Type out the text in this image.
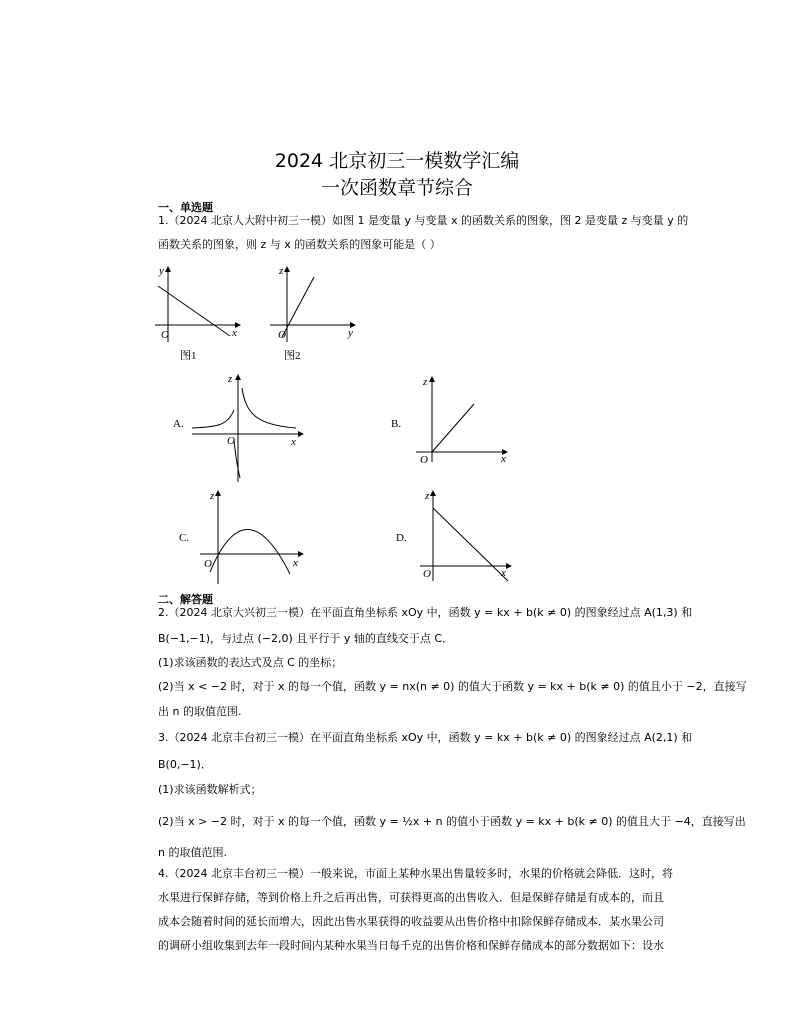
2024 北京初三一模数学汇编
一次函数章节综合
一、单选题
1.（2024 北京人大附中初三一模）如图 1 是变量 y 与变量 x 的函数关系的图象，图 2 是变量 z 与变量 y 的
函数关系的图象，则 z 与 x 的函数关系的图象可能是（ ）
y
O	x
z
O	y
图1	图2
A.
z
O	x
B.
z
O	x
C.
z
O	x
D.
z
O	x
二、解答题
2.（2024 北京大兴初三一模）在平面直角坐标系 xOy 中，函数 y = kx + b(k ≠ 0) 的图象经过点 A(1,3) 和
B(−1,−1)，与过点 (−2,0) 且平行于 y 轴的直线交于点 C．
(1)求该函数的表达式及点 C 的坐标；
(2)当 x < −2 时，对于 x 的每一个值，函数 y = nx(n ≠ 0) 的值大于函数 y = kx + b(k ≠ 0) 的值且小于 −2，直接写
出 n 的取值范围.
3.（2024 北京丰台初三一模）在平面直角坐标系 xOy 中，函数 y = kx + b(k ≠ 0) 的图象经过点 A(2,1) 和
B(0,−1)．
(1)求该函数解析式；
(2)当 x > −2 时，对于 x 的每一个值，函数 y = ½x + n 的值小于函数 y = kx + b(k ≠ 0) 的值且大于 −4，直接写出
n 的取值范围.
4.（2024 北京丰台初三一模）一般来说，市面上某种水果出售量较多时，水果的价格就会降低．这时，将
水果进行保鲜存储，等到价格上升之后再出售，可获得更高的出售收入．但是保鲜存储是有成本的，而且
成本会随着时间的延长而增大，因此出售水果获得的收益要从出售价格中扣除保鲜存储成本．某水果公司
的调研小组收集到去年一段时间内某种水果当日每千克的出售价格和保鲜存储成本的部分数据如下：设水
